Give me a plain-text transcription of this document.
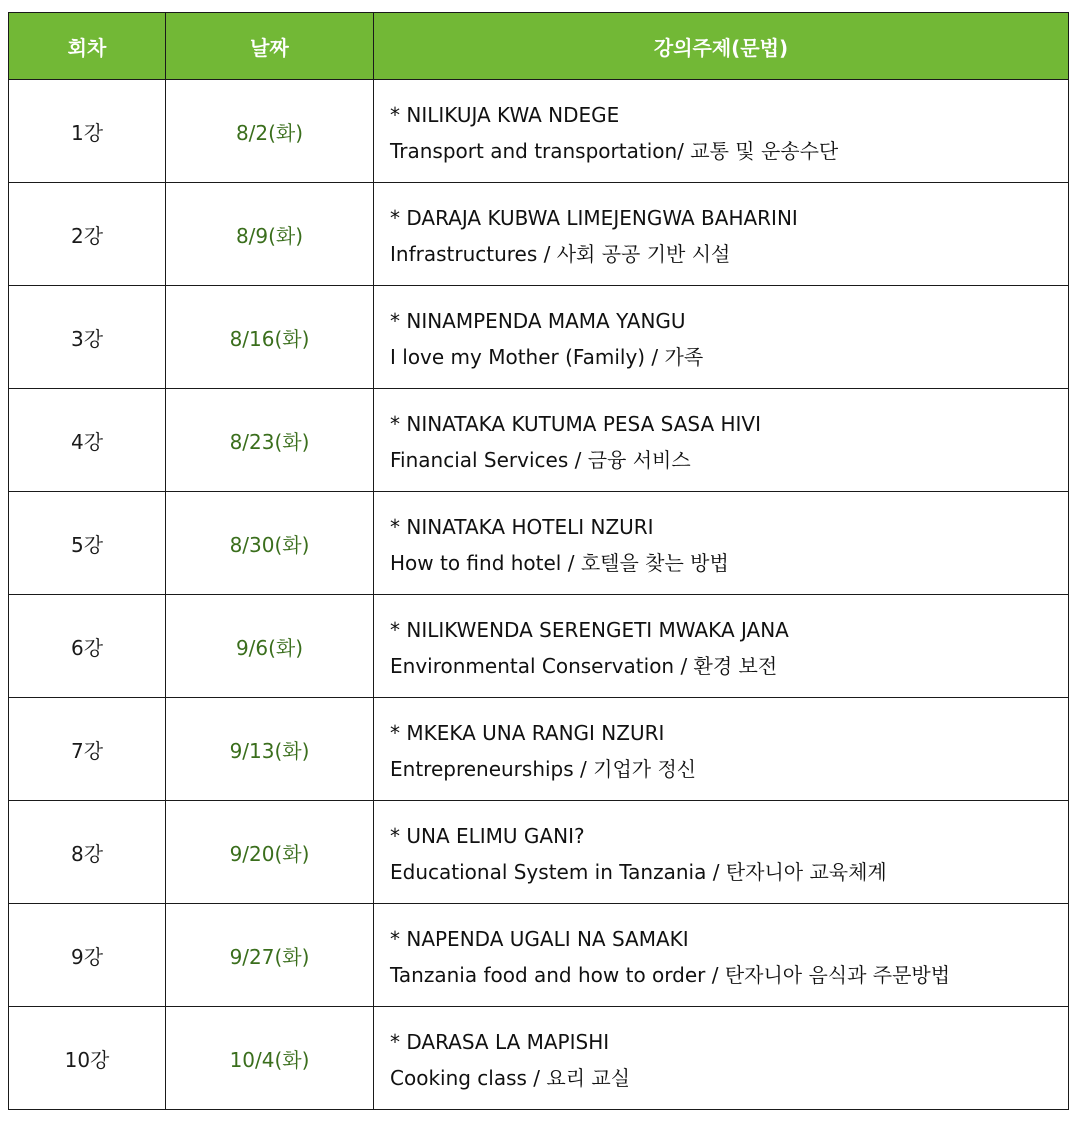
회차	날짜	강의주제(문법)
1강	8/2(화)	* NILIKUJA KWA NDEGE
Transport and transportation/ 교통 및 운송수단

2강	8/9(화)	* DARAJA KUBWA LIMEJENGWA BAHARINI
Infrastructures / 사회 공공 기반 시설

3강	8/16(화)	* NINAMPENDA MAMA YANGU
I love my Mother (Family) / 가족

4강	8/23(화)	* NINATAKA KUTUMA PESA SASA HIVI
Financial Services / 금융 서비스

5강	8/30(화)	* NINATAKA HOTELI NZURI
How to find hotel / 호텔을 찾는 방법

6강	9/6(화)	* NILIKWENDA SERENGETI MWAKA JANA
Environmental Conservation / 환경 보전

7강	9/13(화)	* MKEKA UNA RANGI NZURI
Entrepreneurships / 기업가 정신

8강	9/20(화)	* UNA ELIMU GANI?
Educational System in Tanzania / 탄자니아 교육체계

9강	9/27(화)	* NAPENDA UGALI NA SAMAKI
Tanzania food and how to order / 탄자니아 음식과 주문방법

10강	10/4(화)	* DARASA LA MAPISHI
Cooking class / 요리 교실
